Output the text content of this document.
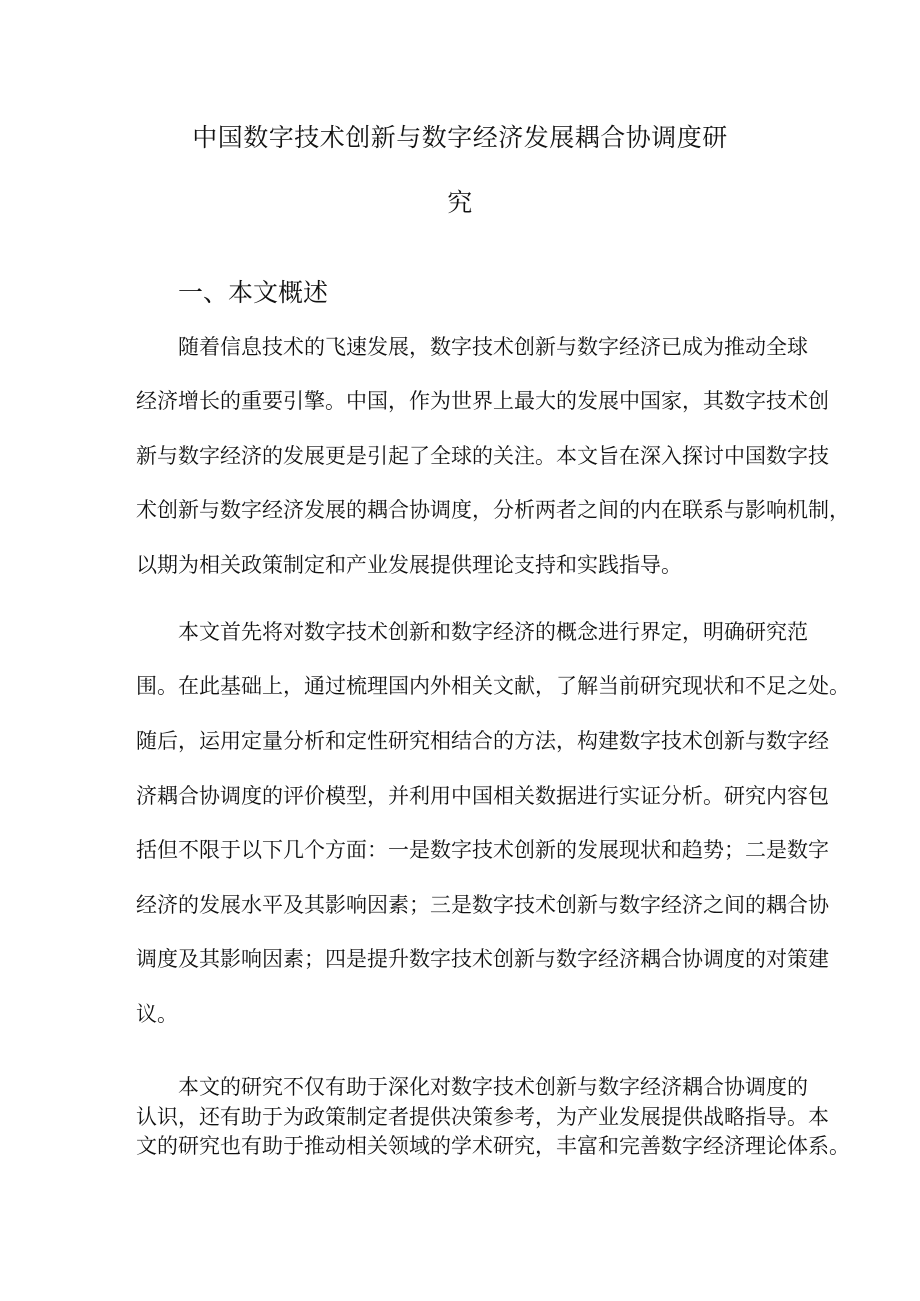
中国数字技术创新与数字经济发展耦合协调度研
究
一、本文概述
随着信息技术的飞速发展，数字技术创新与数字经济已成为推动全球
经济增长的重要引擎。中国，作为世界上最大的发展中国家，其数字技术创
新与数字经济的发展更是引起了全球的关注。本文旨在深入探讨中国数字技
术创新与数字经济发展的耦合协调度，分析两者之间的内在联系与影响机制，
以期为相关政策制定和产业发展提供理论支持和实践指导。
本文首先将对数字技术创新和数字经济的概念进行界定，明确研究范
围。在此基础上，通过梳理国内外相关文献，了解当前研究现状和不足之处。
随后，运用定量分析和定性研究相结合的方法，构建数字技术创新与数字经
济耦合协调度的评价模型，并利用中国相关数据进行实证分析。研究内容包
括但不限于以下几个方面：一是数字技术创新的发展现状和趋势；二是数字
经济的发展水平及其影响因素；三是数字技术创新与数字经济之间的耦合协
调度及其影响因素；四是提升数字技术创新与数字经济耦合协调度的对策建
议。
本文的研究不仅有助于深化对数字技术创新与数字经济耦合协调度的
认识，还有助于为政策制定者提供决策参考，为产业发展提供战略指导。本
文的研究也有助于推动相关领域的学术研究，丰富和完善数字经济理论体系。
